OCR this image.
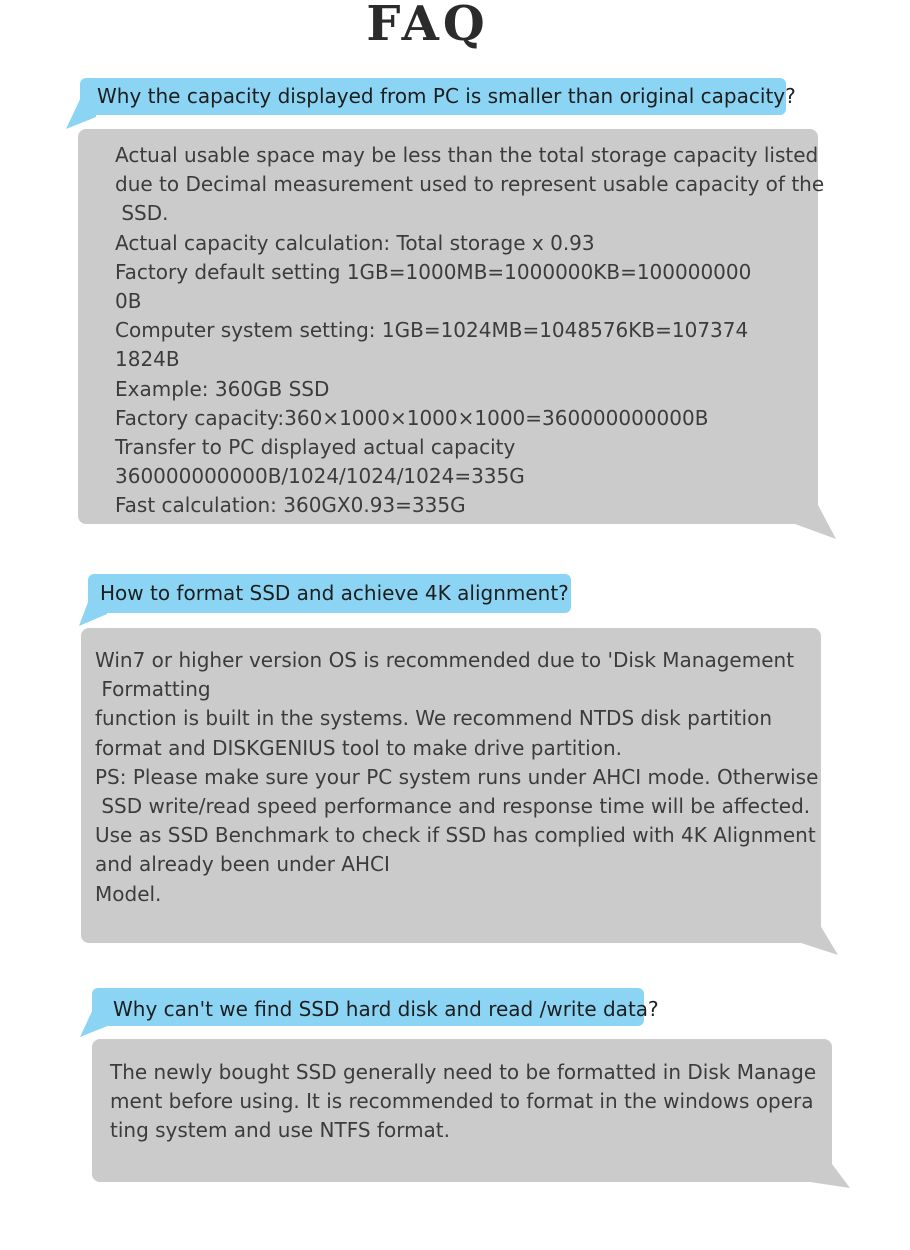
FAQ
Why the capacity displayed from PC is smaller than original capacity?
Actual usable space may be less than the total storage capacity listed
due to Decimal measurement used to represent usable capacity of the
SSD.
Actual capacity calculation: Total storage x 0.93
Factory default setting 1GB=1000MB=1000000KB=100000000
0B
Computer system setting: 1GB=1024MB=1048576KB=107374
1824B
Example: 360GB SSD
Factory capacity:360×1000×1000×1000=360000000000B
Transfer to PC displayed actual capacity
360000000000B/1024/1024/1024=335G
Fast calculation: 360GX0.93=335G
How to format SSD and achieve 4K alignment?
Win7 or higher version OS is recommended due to 'Disk Management
Formatting
function is built in the systems. We recommend NTDS disk partition
format and DISKGENIUS tool to make drive partition.
PS: Please make sure your PC system runs under AHCI mode. Otherwise
SSD write/read speed performance and response time will be affected.
Use as SSD Benchmark to check if SSD has complied with 4K Alignment
and already been under AHCI
Model.
Why can't we find SSD hard disk and read /write data?
The newly bought SSD generally need to be formatted in Disk Manage
ment before using. It is recommended to format in the windows opera
ting system and use NTFS format.
